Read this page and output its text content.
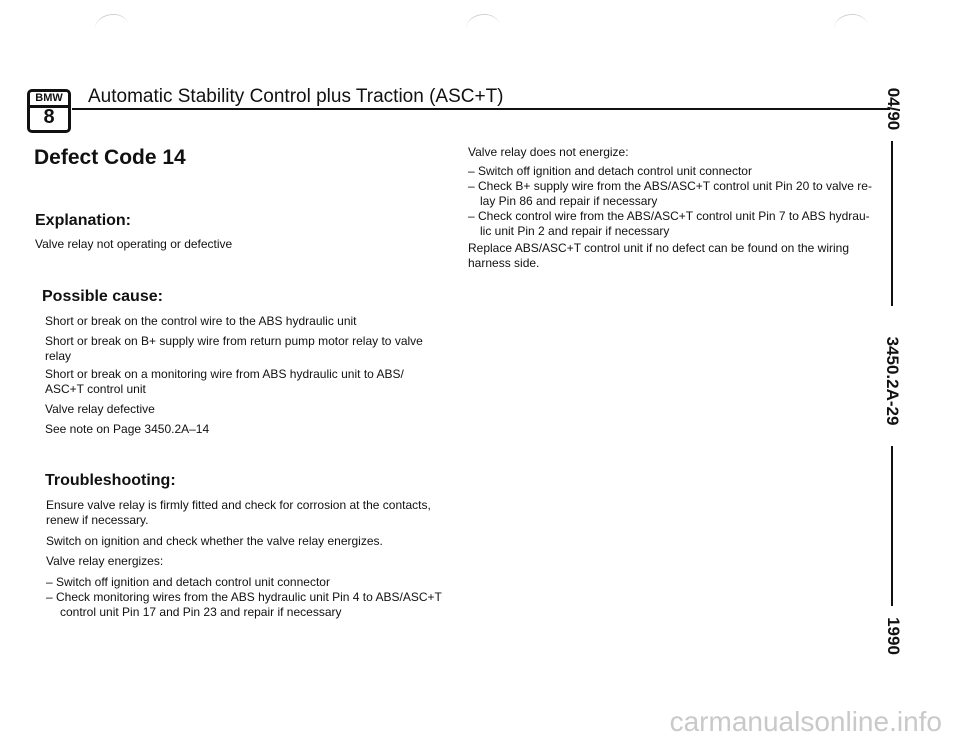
BMW
8
Automatic Stability Control plus Traction (ASC+T)
Defect Code 14
Explanation:
Valve relay not operating or defective
Possible cause:
Short or break on the control wire to the ABS hydraulic unit
Short or break on B+ supply wire from return pump motor relay to valve
relay
Short or break on a monitoring wire from ABS hydraulic unit to ABS/
ASC+T control unit
Valve relay defective
See note on Page 3450.2A–14
Troubleshooting:
Ensure valve relay is firmly fitted and check for corrosion at the contacts,
renew if necessary.
Switch on ignition and check whether the valve relay energizes.
Valve relay energizes:
– Switch off ignition and detach control unit connector
– Check monitoring wires from the ABS hydraulic unit Pin 4 to ABS/ASC+T
control unit Pin 17 and Pin 23 and repair if necessary
Valve relay does not energize:
– Switch off ignition and detach control unit connector
– Check B+ supply wire from the ABS/ASC+T control unit Pin 20 to valve re-
lay Pin 86 and repair if necessary
– Check control wire from the ABS/ASC+T control unit Pin 7 to ABS hydrau-
lic unit Pin 2 and repair if necessary
Replace ABS/ASC+T control unit if no defect can be found on the wiring
harness side.
04/90
3450.2A-29
1990
carmanualsonline.info
